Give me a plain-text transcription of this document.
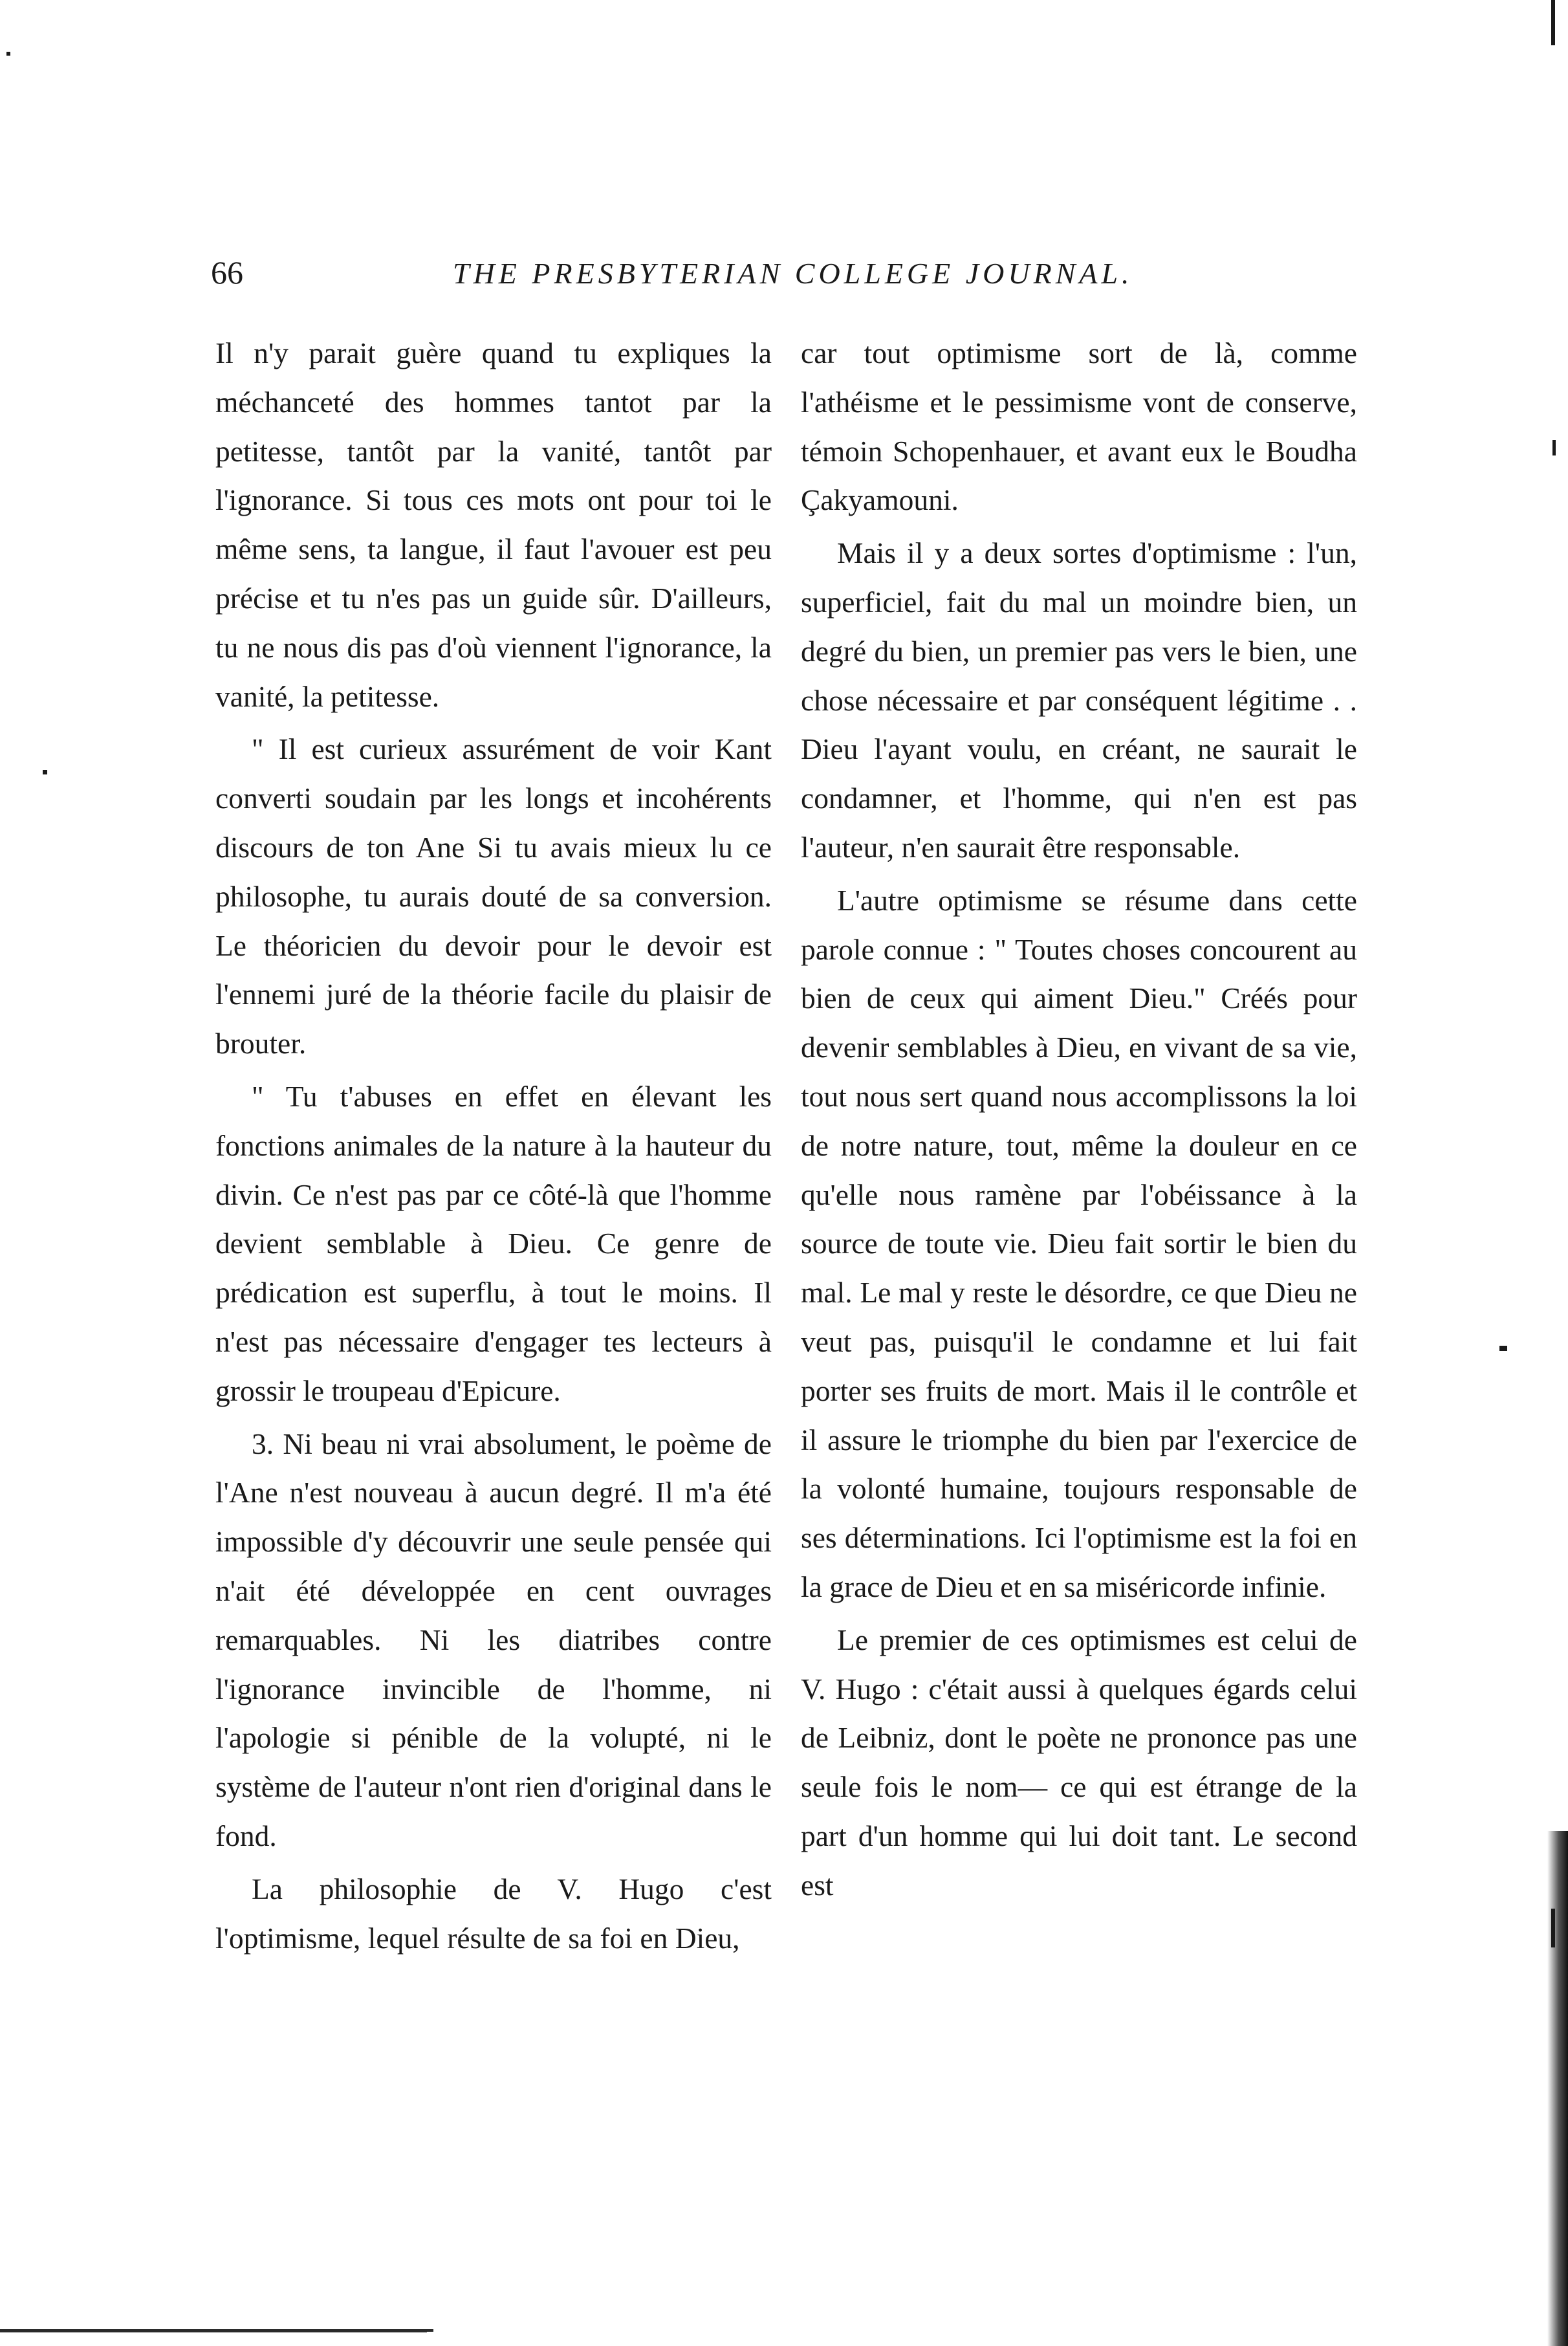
66	THE PRESBYTERIAN COLLEGE JOURNAL.

Il n'y parait guère quand tu expliques la méchanceté des hommes tantot par la petitesse, tantôt par la vanité, tantôt par l'ignorance. Si tous ces mots ont pour toi le même sens, ta langue, il faut l'avouer est peu précise et tu n'es pas un guide sûr. D'ailleurs, tu ne nous dis pas d'où viennent l'ignorance, la vanité, la petitesse.

" Il est curieux assurément de voir Kant converti soudain par les longs et incohérents discours de ton Ane Si tu avais mieux lu ce philosophe, tu aurais douté de sa conversion. Le théoricien du devoir pour le devoir est l'ennemi juré de la théorie facile du plaisir de brouter.

" Tu t'abuses en effet en élevant les fonctions animales de la nature à la hauteur du divin. Ce n'est pas par ce côté-là que l'homme devient semblable à Dieu. Ce genre de prédication est superflu, à tout le moins. Il n'est pas nécessaire d'engager tes lecteurs à grossir le troupeau d'Epicure.

3. Ni beau ni vrai absolument, le poème de l'Ane n'est nouveau à aucun degré. Il m'a été impossible d'y découvrir une seule pensée qui n'ait été développée en cent ouvrages remarquables. Ni les diatribes contre l'ignorance invincible de l'homme, ni l'apologie si pénible de la volupté, ni le système de l'auteur n'ont rien d'original dans le fond.

La philosophie de V. Hugo c'est l'optimisme, lequel résulte de sa foi en Dieu,

car tout optimisme sort de là, comme l'athéisme et le pessimisme vont de conserve, témoin Schopenhauer, et avant eux le Boudha Çakyamouni.

Mais il y a deux sortes d'optimisme : l'un, superficiel, fait du mal un moindre bien, un degré du bien, un premier pas vers le bien, une chose nécessaire et par conséquent légitime . . Dieu l'ayant voulu, en créant, ne saurait le condamner, et l'homme, qui n'en est pas l'auteur, n'en saurait être responsable.

L'autre optimisme se résume dans cette parole connue : " Toutes choses concourent au bien de ceux qui aiment Dieu." Créés pour devenir semblables à Dieu, en vivant de sa vie, tout nous sert quand nous accomplissons la loi de notre nature, tout, même la douleur en ce qu'elle nous ramène par l'obéissance à la source de toute vie. Dieu fait sortir le bien du mal. Le mal y reste le désordre, ce que Dieu ne veut pas, puisqu'il le condamne et lui fait porter ses fruits de mort. Mais il le contrôle et il assure le triomphe du bien par l'exercice de la volonté humaine, toujours responsable de ses déterminations. Ici l'optimisme est la foi en la grace de Dieu et en sa miséricorde infinie.

Le premier de ces optimismes est celui de V. Hugo : c'était aussi à quelques égards celui de Leibniz, dont le poète ne prononce pas une seule fois le nom— ce qui est étrange de la part d'un homme qui lui doit tant. Le second est
